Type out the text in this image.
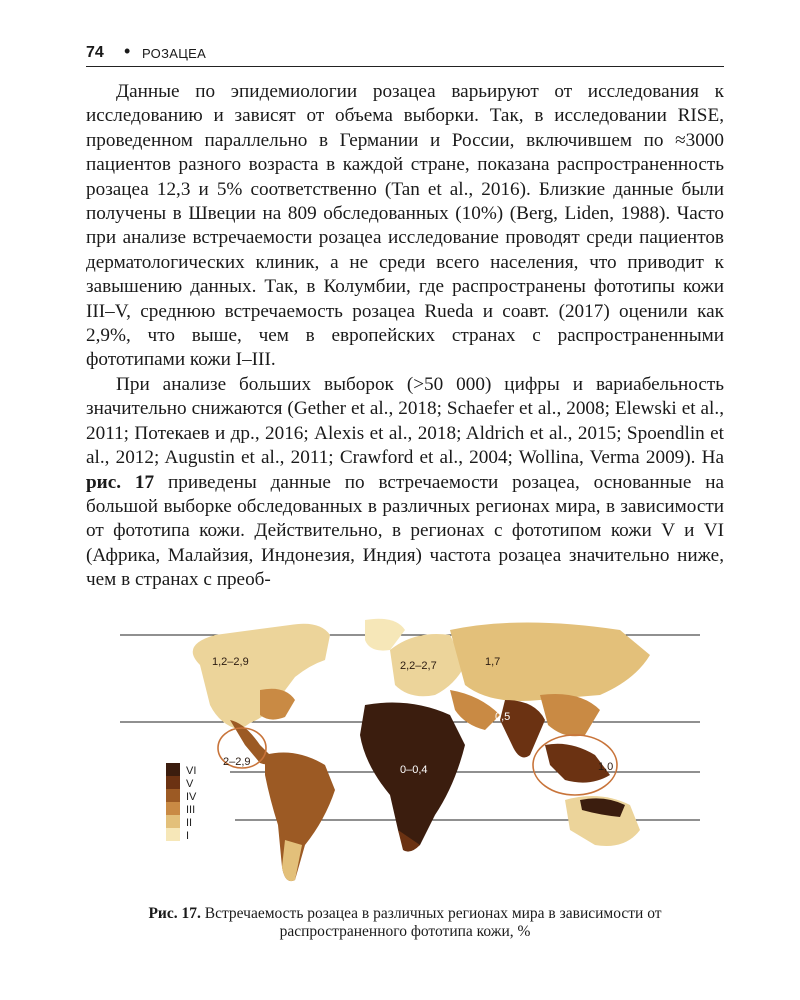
74 • РОЗАЦЕА

Данные по эпидемиологии розацеа варьируют от исследования к исследованию и зависят от объема выборки. Так, в исследовании RISE, проведенном параллельно в Германии и России, включившем по ≈3000 пациентов разного возраста в каждой стране, показана распространенность розацеа 12,3 и 5% соответственно (Tan et al., 2016). Близкие данные были получены в Швеции на 809 обследованных (10%) (Berg, Liden, 1988). Часто при анализе встречаемости розацеа исследование проводят среди пациентов дерматологических клиник, а не среди всего населения, что приводит к завышению данных. Так, в Колумбии, где распространены фототипы кожи III–V, среднюю встречаемость розацеа Rueda и соавт. (2017) оценили как 2,9%, что выше, чем в европейских странах с распространенными фототипами кожи I–III.

При анализе больших выборок (>50 000) цифры и вариабельность значительно снижаются (Gether et al., 2018; Schaefer et al., 2008; Elewski et al., 2011; Потекаев и др., 2016; Alexis et al., 2018; Aldrich et al., 2015; Spoendlin et al., 2012; Augustin et al., 2011; Crawford et al., 2004; Wollina, Verma 2009). На рис. 17 приведены данные по встречаемости розацеа, основанные на большой выборке обследованных в различных регионах мира, в зависимости от фототипа кожи. Действительно, в регионах с фототипом кожи V и VI (Африка, Малайзия, Индонезия, Индия) частота розацеа значительно ниже, чем в странах с преоб-

1,2–2,9	2,2–2,7	1,7
0,5
2–2,9
0–0,4	1,0
VI
V
IV
III
II
I
Рис. 17. Встречаемость розацеа в различных регионах мира в зависимости от распространенного фототипа кожи, %
